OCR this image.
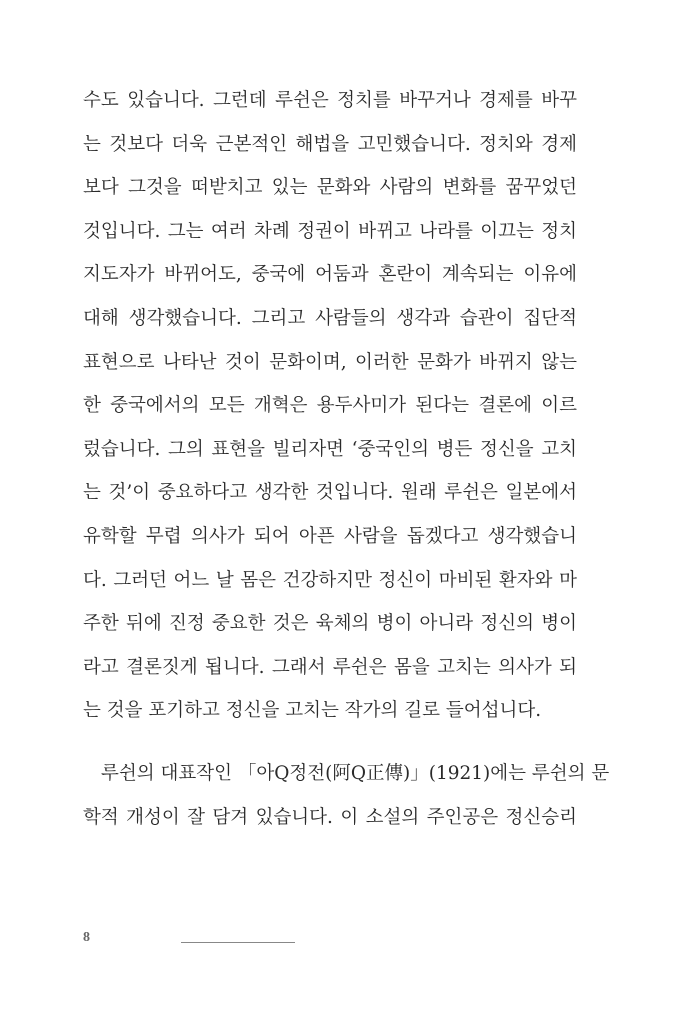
수도 있습니다. 그런데 루쉰은 정치를 바꾸거나 경제를 바꾸
는 것보다 더욱 근본적인 해법을 고민했습니다. 정치와 경제
보다 그것을 떠받치고 있는 문화와 사람의 변화를 꿈꾸었던
것입니다. 그는 여러 차례 정권이 바뀌고 나라를 이끄는 정치
지도자가 바뀌어도, 중국에 어둠과 혼란이 계속되는 이유에
대해 생각했습니다. 그리고 사람들의 생각과 습관이 집단적
표현으로 나타난 것이 문화이며, 이러한 문화가 바뀌지 않는
한 중국에서의 모든 개혁은 용두사미가 된다는 결론에 이르
렀습니다. 그의 표현을 빌리자면 ‘중국인의 병든 정신을 고치
는 것’이 중요하다고 생각한 것입니다. 원래 루쉰은 일본에서
유학할 무렵 의사가 되어 아픈 사람을 돕겠다고 생각했습니
다. 그러던 어느 날 몸은 건강하지만 정신이 마비된 환자와 마
주한 뒤에 진정 중요한 것은 육체의 병이 아니라 정신의 병이
라고 결론짓게 됩니다. 그래서 루쉰은 몸을 고치는 의사가 되
는 것을 포기하고 정신을 고치는 작가의 길로 들어섭니다.
루쉰의 대표작인 「아Q정전(阿Q正傳)」(1921)에는 루쉰의 문
학적 개성이 잘 담겨 있습니다. 이 소설의 주인공은 정신승리
8
